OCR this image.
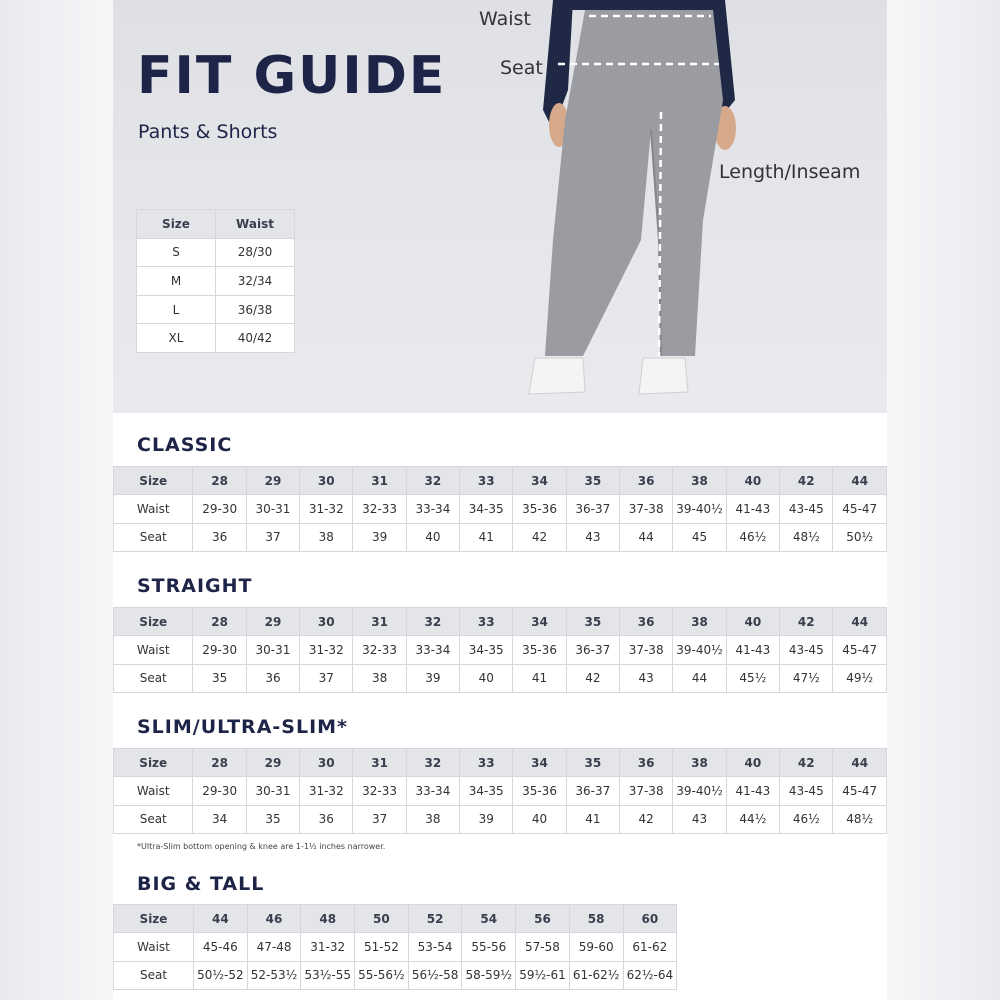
FIT GUIDE
Pants & Shorts
Size	Waist
S	28/30
M	32/34
L	36/38
XL	40/42
Waist
Seat
Length/Inseam
CLASSIC
Size	28	29	30	31	32	33	34	35	36	38	40	42	44
Waist	29-30	30-31	31-32	32-33	33-34	34-35	35-36	36-37	37-38	39-40½	41-43	43-45	45-47
Seat	36	37	38	39	40	41	42	43	44	45	46½	48½	50½
STRAIGHT
Size	28	29	30	31	32	33	34	35	36	38	40	42	44
Waist	29-30	30-31	31-32	32-33	33-34	34-35	35-36	36-37	37-38	39-40½	41-43	43-45	45-47
Seat	35	36	37	38	39	40	41	42	43	44	45½	47½	49½
SLIM/ULTRA-SLIM*
Size	28	29	30	31	32	33	34	35	36	38	40	42	44
Waist	29-30	30-31	31-32	32-33	33-34	34-35	35-36	36-37	37-38	39-40½	41-43	43-45	45-47
Seat	34	35	36	37	38	39	40	41	42	43	44½	46½	48½
*Ultra-Slim bottom opening & knee are 1-1½ inches narrower.
BIG & TALL
Size	44	46	48	50	52	54	56	58	60
Waist	45-46	47-48	31-32	51-52	53-54	55-56	57-58	59-60	61-62
Seat	50½-52	52-53½	53½-55	55-56½	56½-58	58-59½	59½-61	61-62½	62½-64
